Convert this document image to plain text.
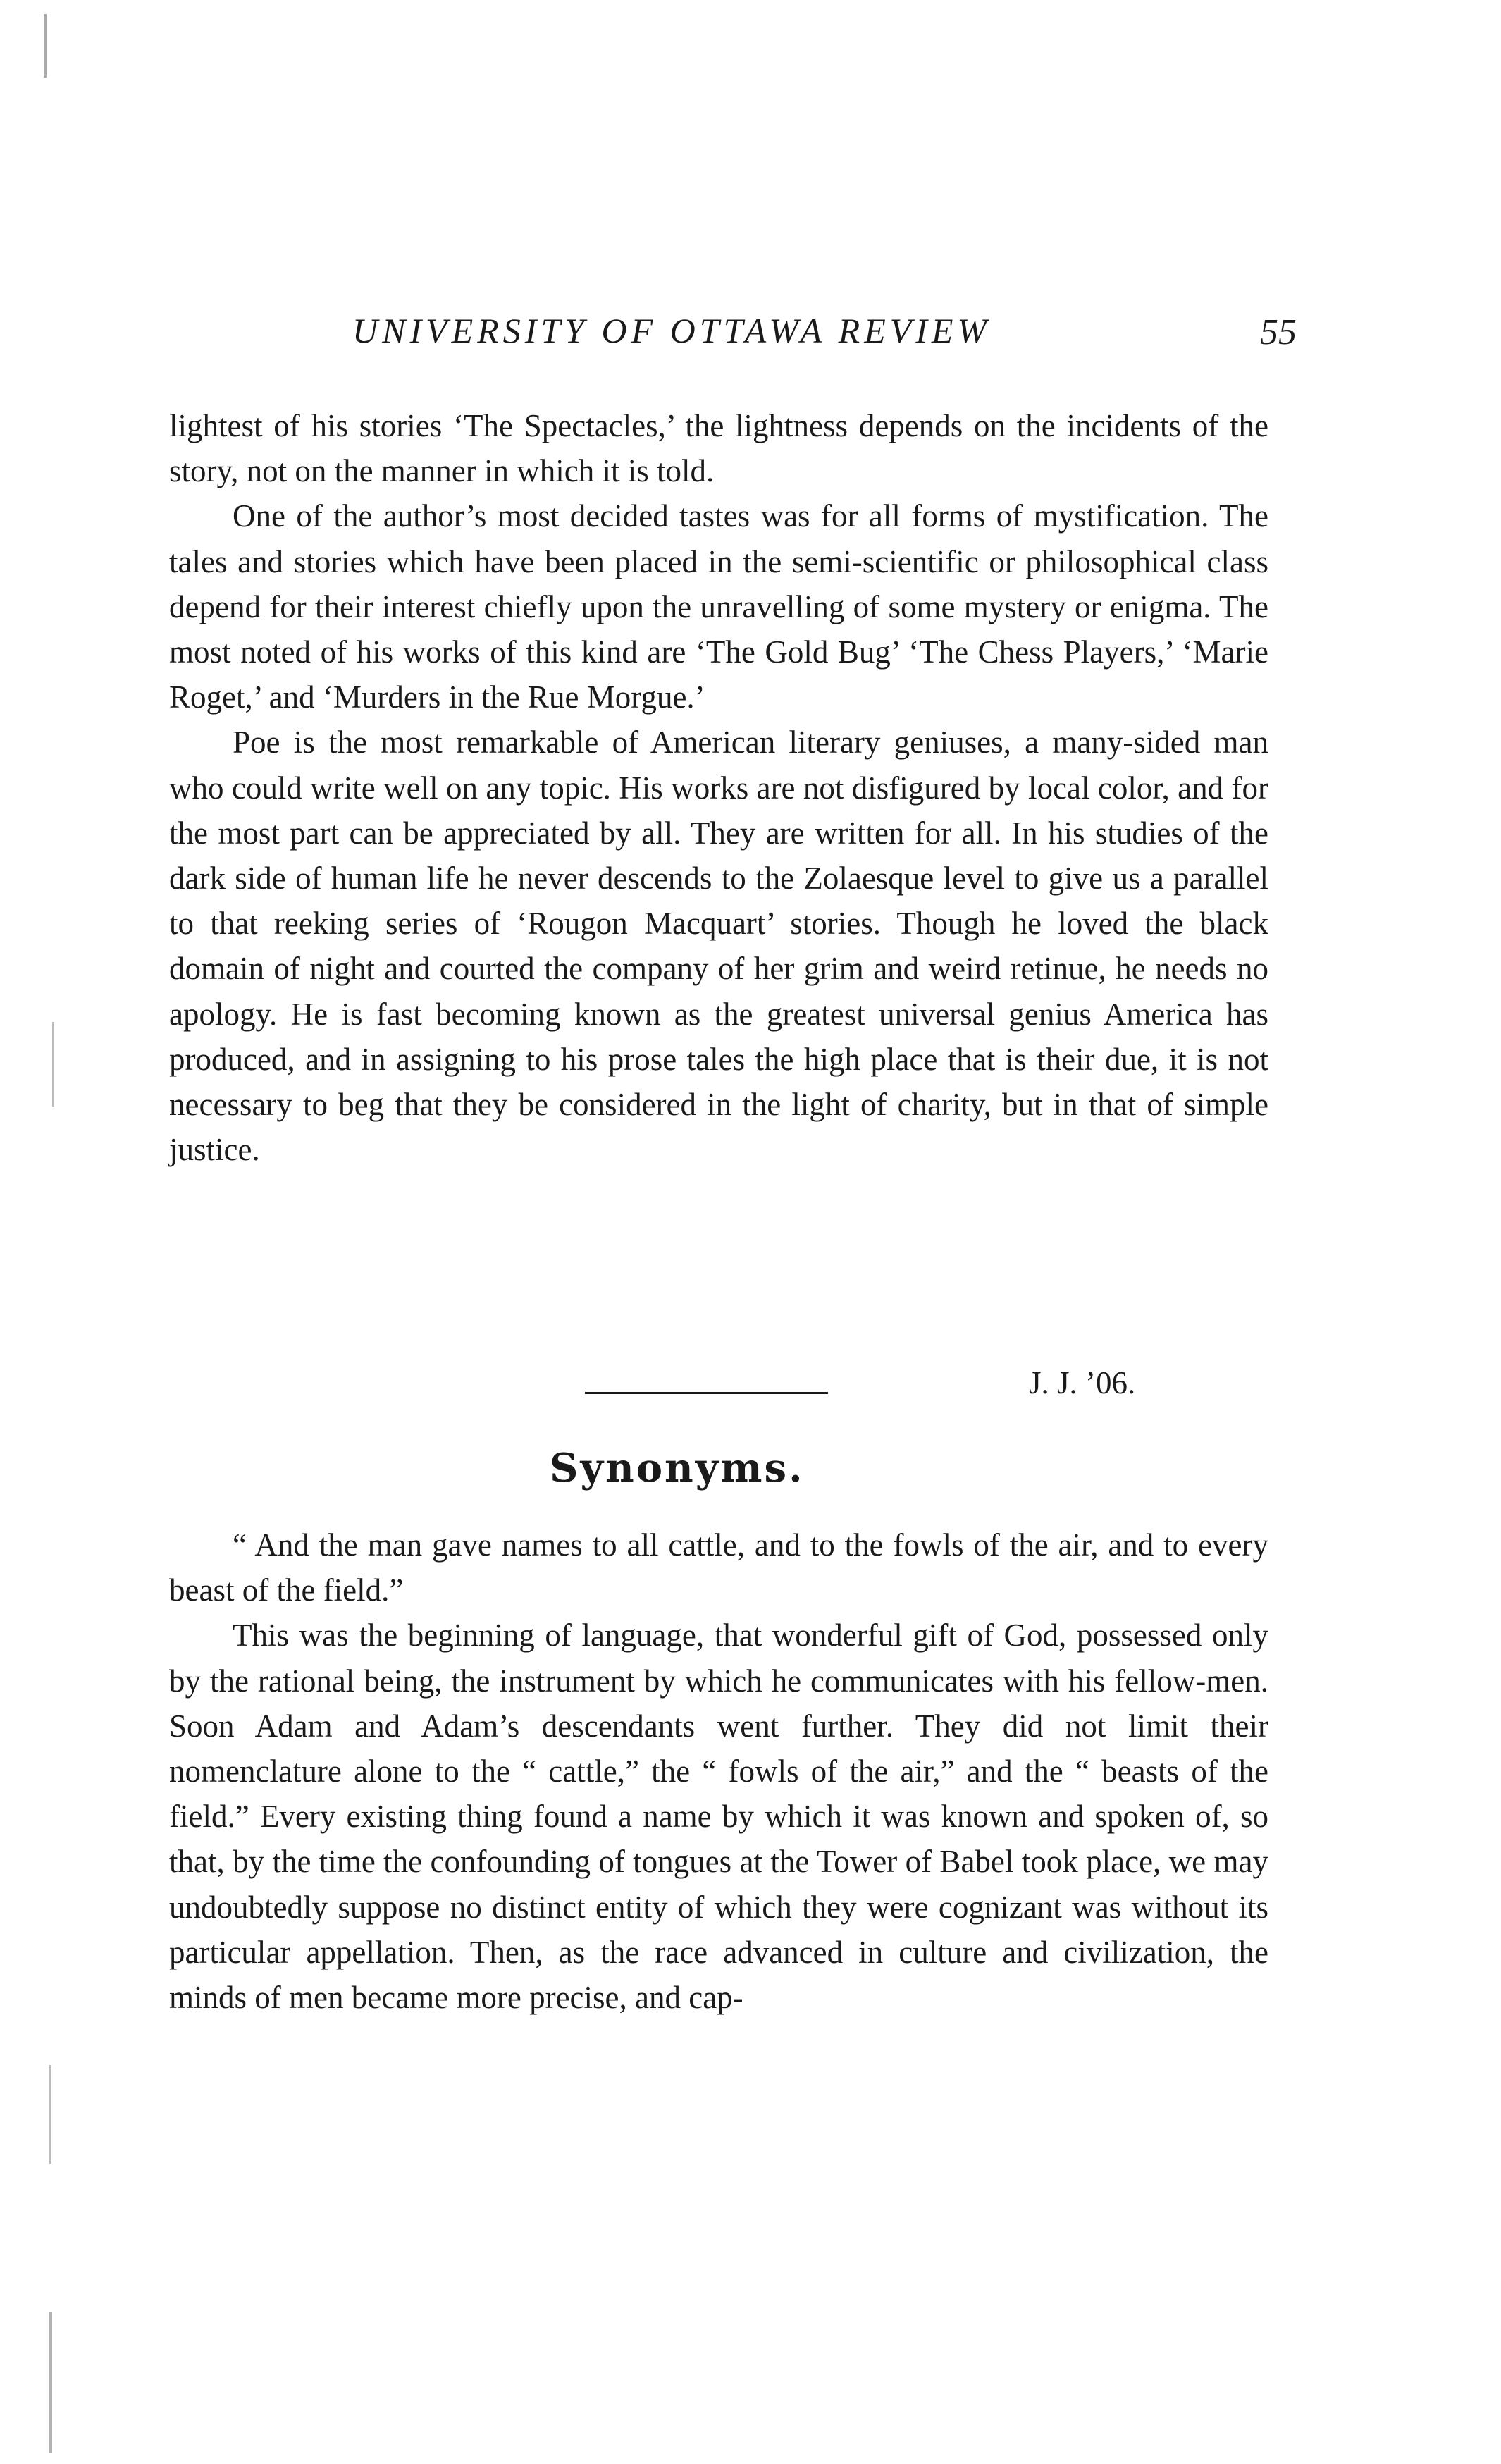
UNIVERSITY OF OTTAWA REVIEW	55

lightest of his stories ‘The Spectacles,’ the lightness depends on the incidents of the story, not on the manner in which it is told.

One of the author’s most decided tastes was for all forms of mystification. The tales and stories which have been placed in the semi-scientific or philosophical class depend for their interest chiefly upon the unravelling of some mystery or enigma. The most noted of his works of this kind are ‘The Gold Bug’ ‘The Chess Players,’ ‘Marie Roget,’ and ‘Murders in the Rue Morgue.’

Poe is the most remarkable of American literary geniuses, a many-sided man who could write well on any topic. His works are not disfigured by local color, and for the most part can be appreciated by all. They are written for all. In his studies of the dark side of human life he never descends to the Zolaesque level to give us a parallel to that reeking series of ‘Rougon Macquart’ stories. Though he loved the black domain of night and courted the company of her grim and weird retinue, he needs no apology. He is fast becoming known as the greatest universal genius America has produced, and in assigning to his prose tales the high place that is their due, it is not necessary to beg that they be considered in the light of charity, but in that of simple justice.

J. J. ’06.
Synonyms.

“ And the man gave names to all cattle, and to the fowls of the air, and to every beast of the field.”

This was the beginning of language, that wonderful gift of God, possessed only by the rational being, the instrument by which he communicates with his fellow-men. Soon Adam and Adam’s descendants went further. They did not limit their nomenclature alone to the “ cattle,” the “ fowls of the air,” and the “ beasts of the field.” Every existing thing found a name by which it was known and spoken of, so that, by the time the confounding of tongues at the Tower of Babel took place, we may undoubtedly suppose no distinct entity of which they were cognizant was without its particular appellation. Then, as the race advanced in culture and civilization, the minds of men became more precise, and cap-
